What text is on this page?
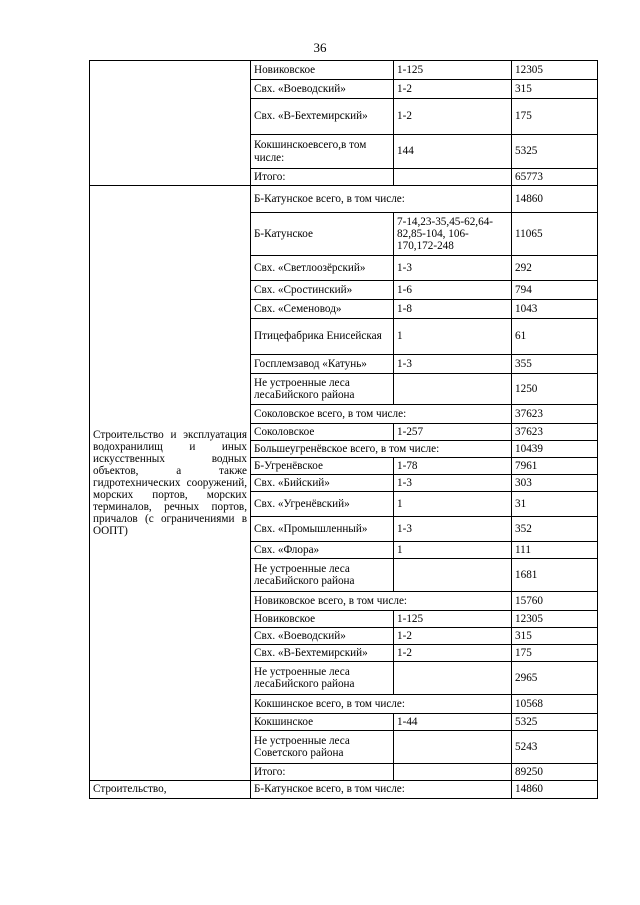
36
	Новиковское	1-125	12305
	Свх. «Воеводский»	1-2	315
	Свх. «В-Бехтемирский»	1-2	175
	Кокшинскоевсего,в том числе:	144	5325
	Итого:		65773
Строительство и эксплуатация водохранилищ и иных искусственных водных объектов, а также гидротехнических сооружений, морских портов, морских терминалов, речных портов, причалов (с ограничениями в ООПТ)	Б-Катунское всего, в том числе:		14860
	Б-Катунское	7-14,23-35,45-62,64-82,85-104, 106-170,172-248	11065
	Свх. «Светлоозёрский»	1-3	292
	Свх. «Сростинский»	1-6	794
	Свх. «Семеновод»	1-8	1043
	Птицефабрика Енисейская	1	61
	Госплемзавод «Катунь»	1-3	355
	Не устроенные леса лесаБийского района		1250
	Соколовское всего, в том числе:		37623
	Соколовское	1-257	37623
	Большеугренёвское всего, в том числе:		10439
	Б-Угренёвское	1-78	7961
	Свх. «Бийский»	1-3	303
	Свх. «Угренёвский»	1	31
	Свх. «Промышленный»	1-3	352
	Свх. «Флора»	1	111
	Не устроенные леса лесаБийского района		1681
	Новиковское всего, в том числе:		15760
	Новиковское	1-125	12305
	Свх. «Воеводский»	1-2	315
	Свх. «В-Бехтемирский»	1-2	175
	Не устроенные леса лесаБийского района		2965
	Кокшинское всего, в том числе:		10568
	Кокшинское	1-44	5325
	Не устроенные леса Советского района		5243
	Итого:		89250
Строительство,	Б-Катунское всего, в том числе:		14860
